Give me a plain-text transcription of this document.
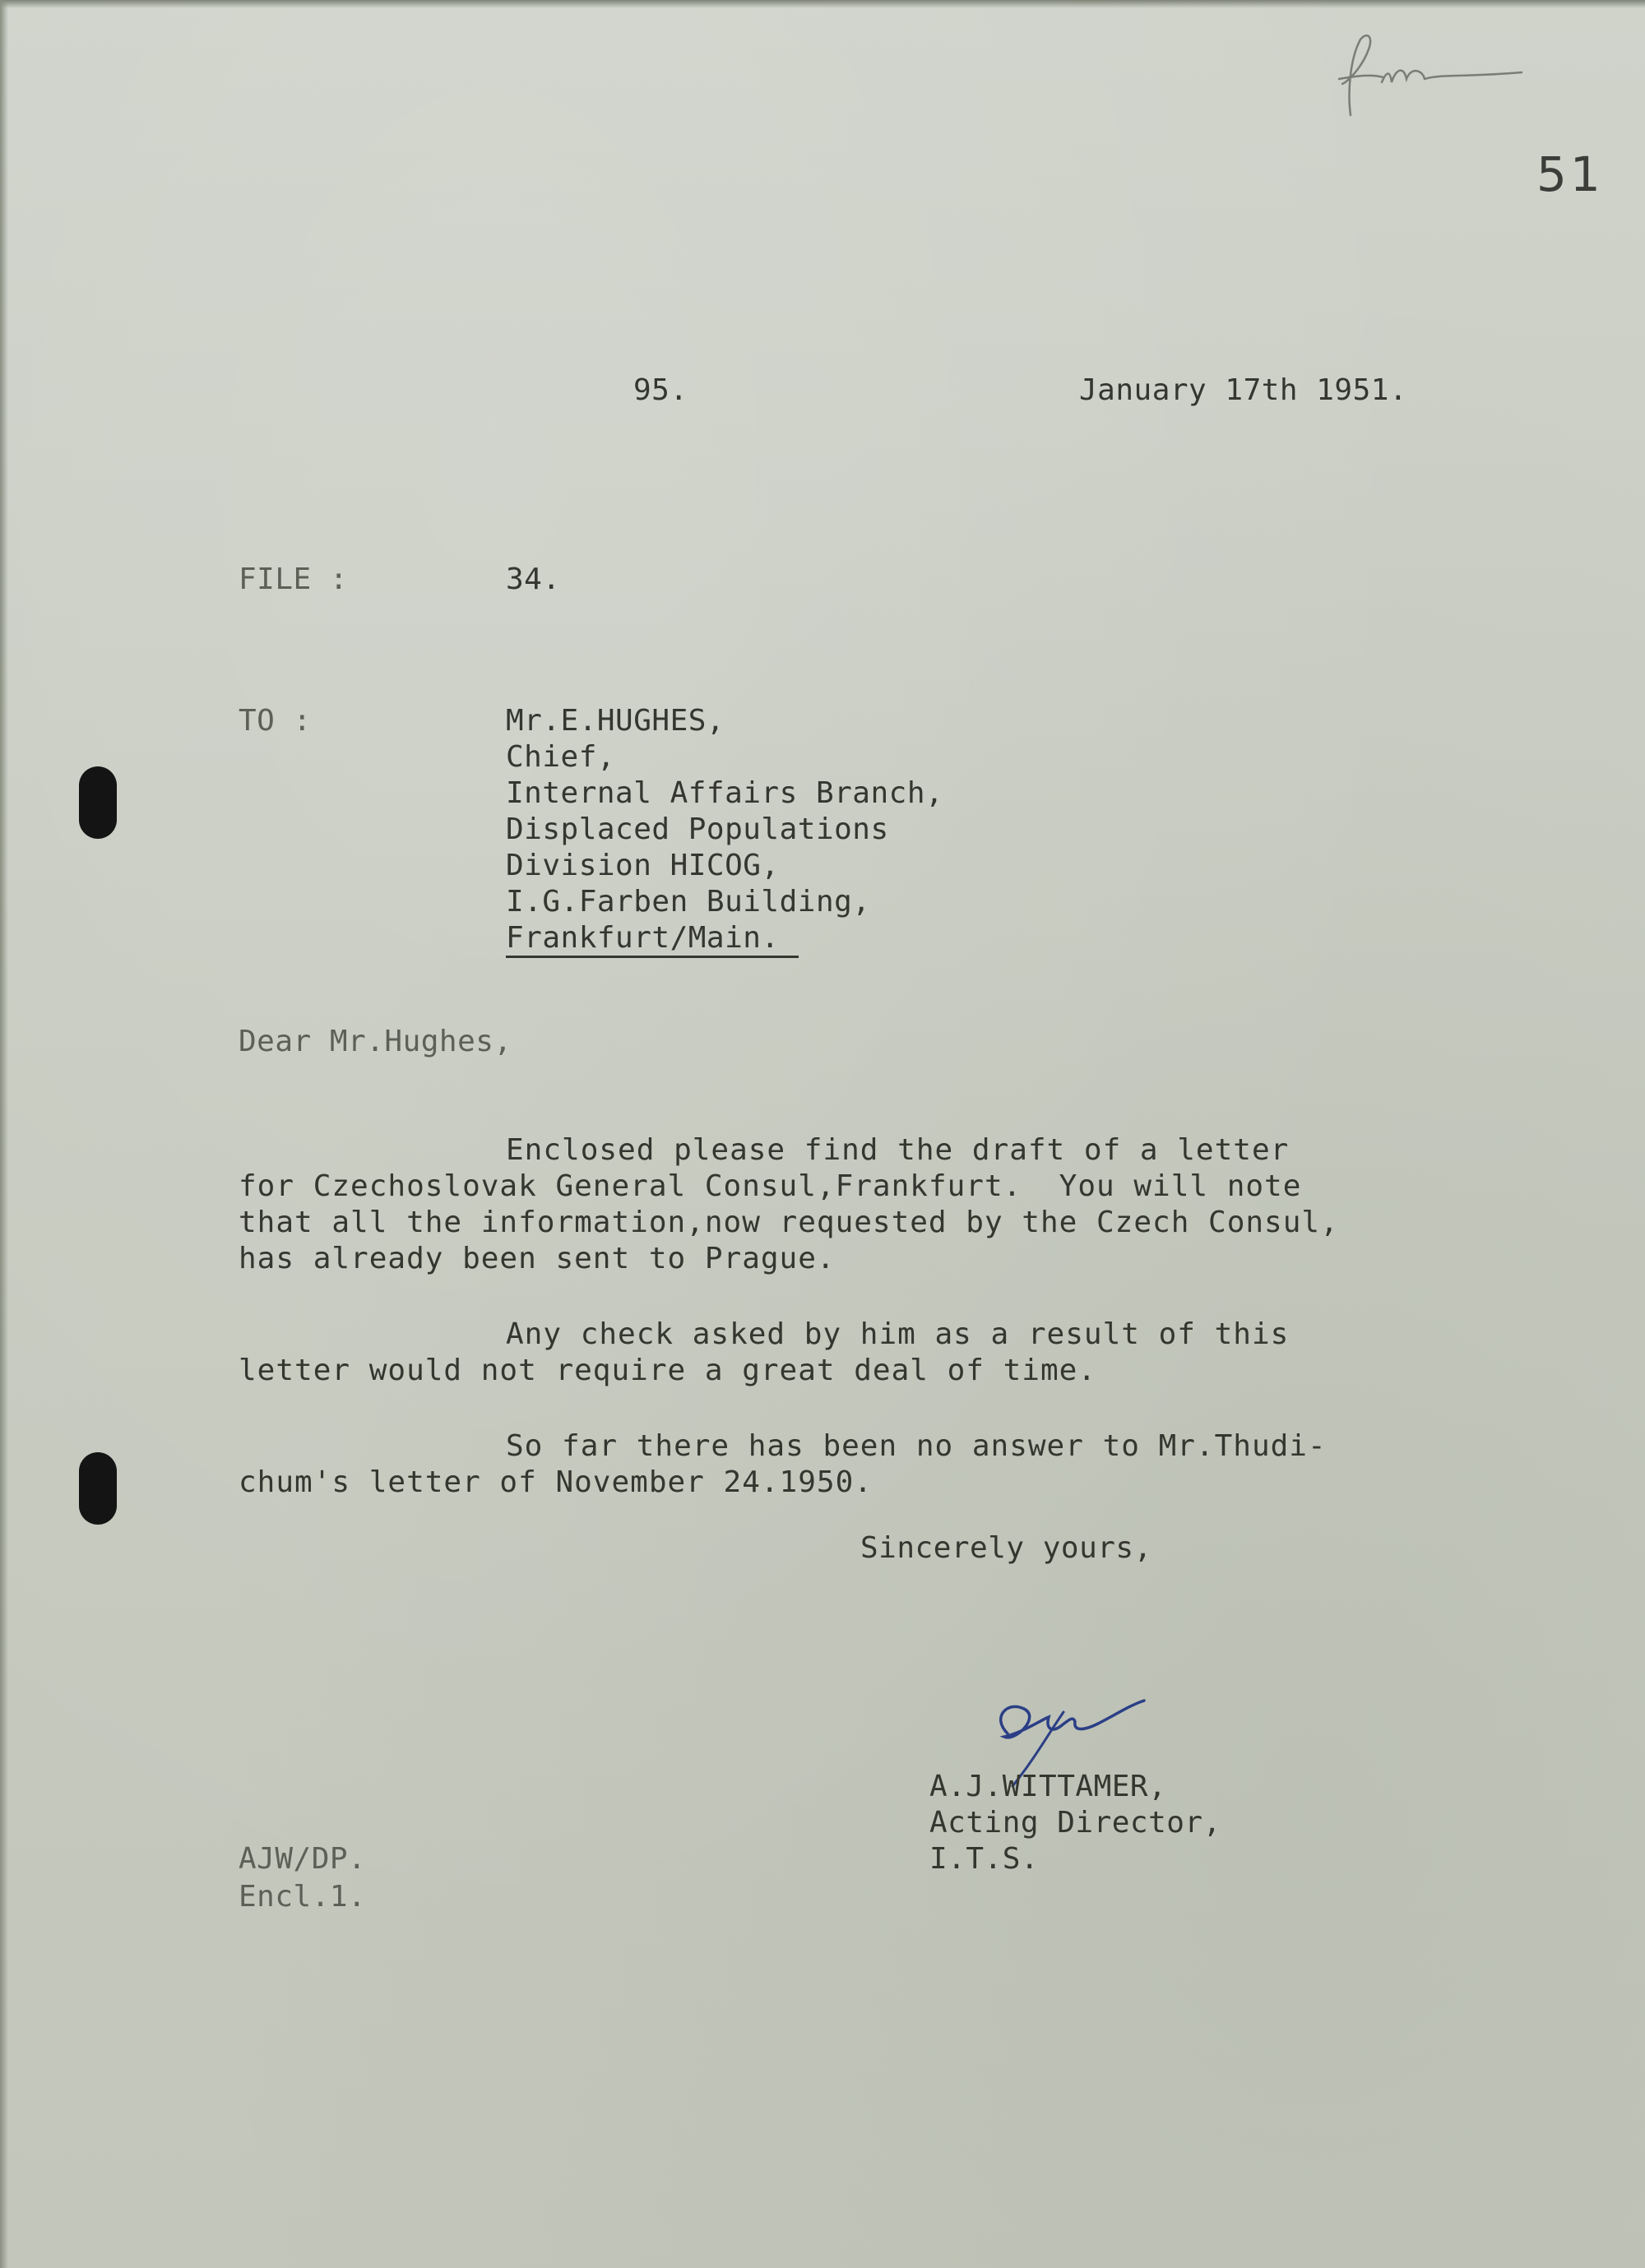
51
95.	January 17th 1951.
FILE :	34.
TO :	Mr.E.HUGHES,
Chief,
Internal Affairs Branch,
Displaced Populations
Division HICOG,
I.G.Farben Building,
Frankfurt/Main.
Dear Mr.Hughes,
Enclosed please find the draft of a letter
for Czechoslovak General Consul,Frankfurt.  You will note
that all the information,now requested by the Czech Consul,
has already been sent to Prague.
Any check asked by him as a result of this
letter would not require a great deal of time.
So far there has been no answer to Mr.Thudi-
chum's letter of November 24.1950.
Sincerely yours,
A.J.WITTAMER,
Acting Director,
I.T.S.
AJW/DP.
Encl.1.
